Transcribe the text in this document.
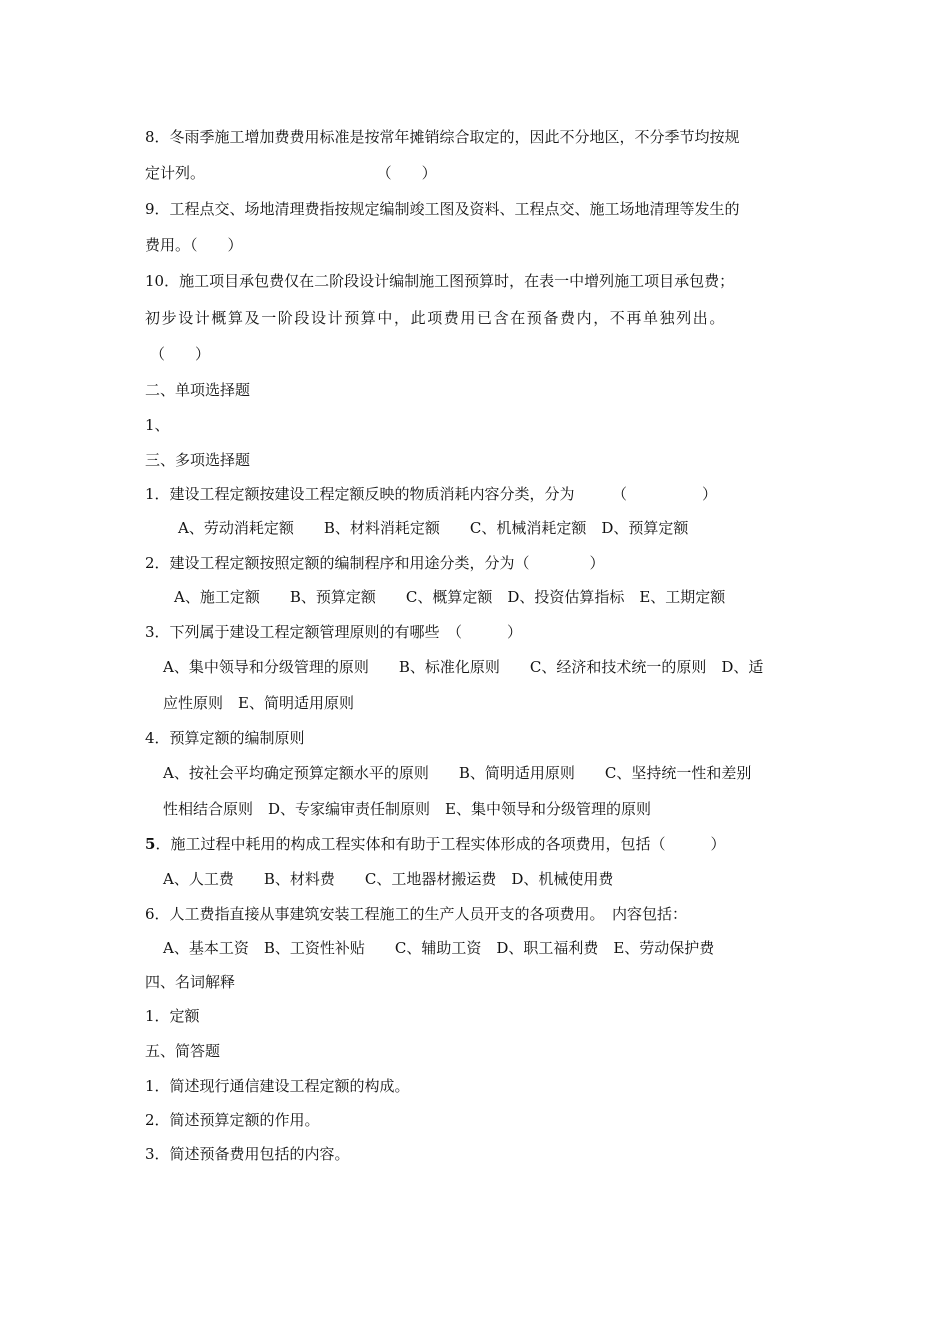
8．冬雨季施工增加费费用标准是按常年摊销综合取定的，因此不分地区，不分季节均按规
定计列。                                    （　　）
9．工程点交、场地清理费指按规定编制竣工图及资料、工程点交、施工场地清理等发生的
费用。（　　）
10．施工项目承包费仅在二阶段设计编制施工图预算时，在表一中增列施工项目承包费；
初步设计概算及一阶段设计预算中，此项费用已含在预备费内，不再单独列出。
（　　）
二、单项选择题
1、
三、多项选择题
1．建设工程定额按建设工程定额反映的物质消耗内容分类，分为　　　（　　　　　）
A、劳动消耗定额　　B、材料消耗定额　　C、机械消耗定额　D、预算定额
2．建设工程定额按照定额的编制程序和用途分类，分为（　　　　）
A、施工定额　　B、预算定额　　C、概算定额　D、投资估算指标　E、工期定额
3．下列属于建设工程定额管理原则的有哪些　（　　　）
A、集中领导和分级管理的原则　　B、标准化原则　　C、经济和技术统一的原则　D、适
应性原则　E、简明适用原则
4．预算定额的编制原则
A、按社会平均确定预算定额水平的原则　　B、简明适用原则　　C、坚持统一性和差别
性相结合原则　D、专家编审责任制原则　E、集中领导和分级管理的原则
5．施工过程中耗用的构成工程实体和有助于工程实体形成的各项费用，包括（　　　）
A、人工费　　B、材料费　　C、工地器材搬运费　D、机械使用费
6．人工费指直接从事建筑安装工程施工的生产人员开支的各项费用。　内容包括：
A、基本工资　B、工资性补贴　　C、辅助工资　D、职工福利费　E、劳动保护费
四、名词解释
1．定额
五、简答题
1．简述现行通信建设工程定额的构成。
2．简述预算定额的作用。
3．简述预备费用包括的内容。
